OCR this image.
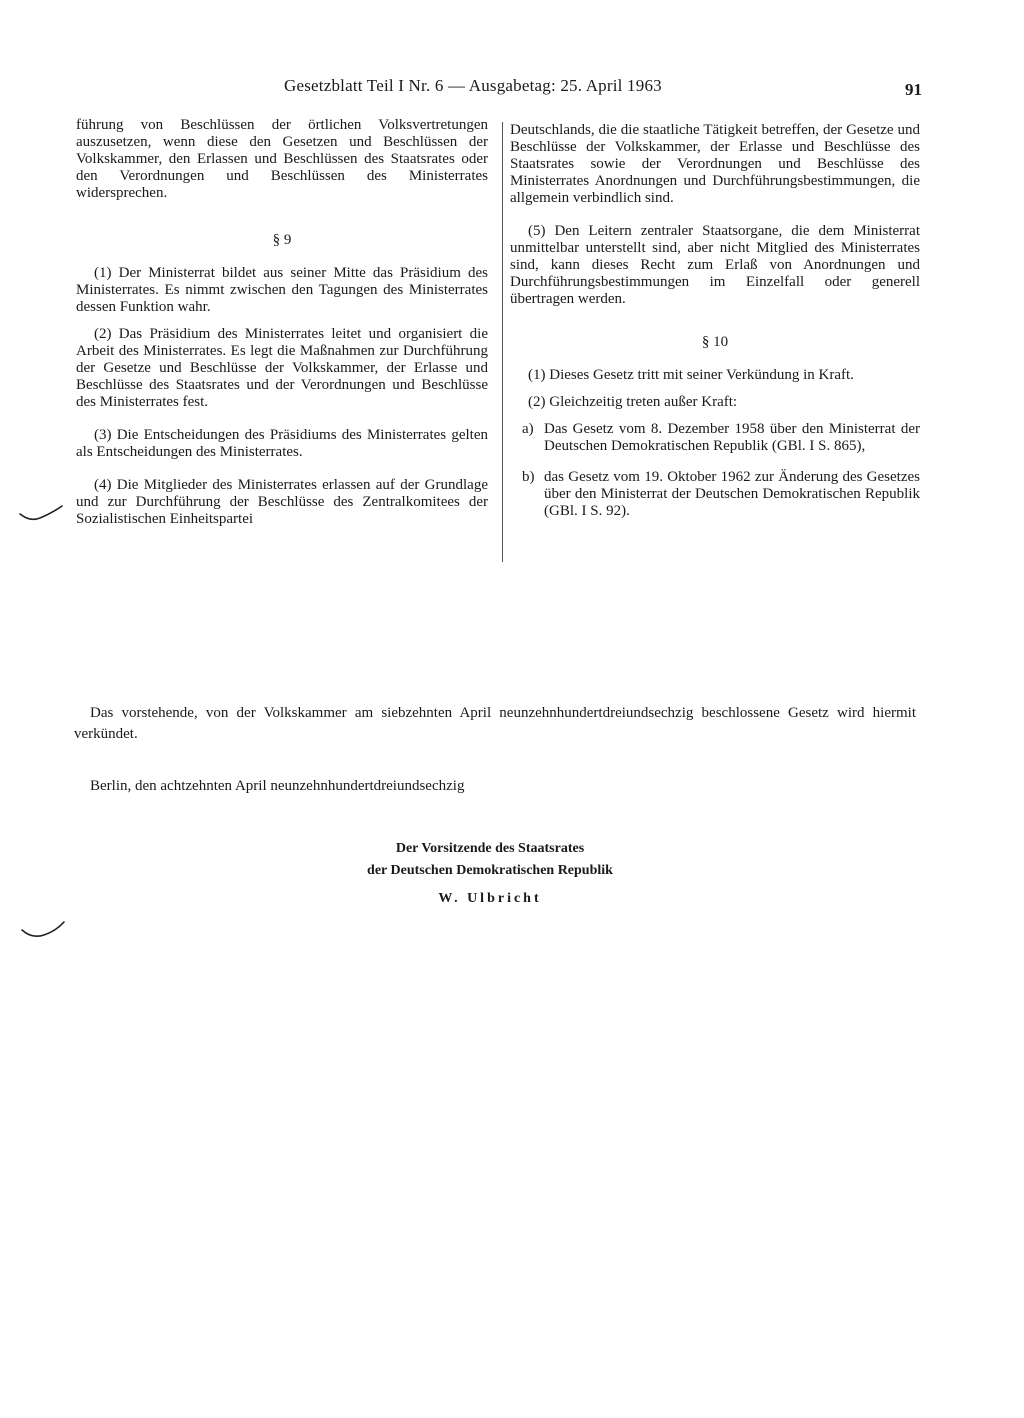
Gesetzblatt Teil I Nr. 6 — Ausgabetag: 25. April 1963	91

führung von Beschlüssen der örtlichen Volksvertretungen auszusetzen, wenn diese den Gesetzen und Beschlüssen der Volkskammer, den Erlassen und Beschlüssen des Staatsrates oder den Verordnungen und Beschlüssen des Ministerrates widersprechen.

§ 9

(1) Der Ministerrat bildet aus seiner Mitte das Präsidium des Ministerrates. Es nimmt zwischen den Tagungen des Ministerrates dessen Funktion wahr.

(2) Das Präsidium des Ministerrates leitet und organisiert die Arbeit des Ministerrates. Es legt die Maßnahmen zur Durchführung der Gesetze und Beschlüsse der Volkskammer, der Erlasse und Beschlüsse des Staatsrates und der Verordnungen und Beschlüsse des Ministerrates fest.

(3) Die Entscheidungen des Präsidiums des Ministerrates gelten als Entscheidungen des Ministerrates.

(4) Die Mitglieder des Ministerrates erlassen auf der Grundlage und zur Durchführung der Beschlüsse des Zentralkomitees der Sozialistischen Einheitspartei

Deutschlands, die die staatliche Tätigkeit betreffen, der Gesetze und Beschlüsse der Volkskammer, der Erlasse und Beschlüsse des Staatsrates sowie der Verordnungen und Beschlüsse des Ministerrates Anordnungen und Durchführungsbestimmungen, die allgemein verbindlich sind.

(5) Den Leitern zentraler Staatsorgane, die dem Ministerrat unmittelbar unterstellt sind, aber nicht Mitglied des Ministerrates sind, kann dieses Recht zum Erlaß von Anordnungen und Durchführungsbestimmungen im Einzelfall oder generell übertragen werden.

§ 10

(1) Dieses Gesetz tritt mit seiner Verkündung in Kraft.

(2) Gleichzeitig treten außer Kraft:

a) Das Gesetz vom 8. Dezember 1958 über den Ministerrat der Deutschen Demokratischen Republik (GBl. I S. 865),
b) das Gesetz vom 19. Oktober 1962 zur Änderung des Gesetzes über den Ministerrat der Deutschen Demokratischen Republik (GBl. I S. 92).
Das vorstehende, von der Volkskammer am siebzehnten April neunzehnhundertdreiundsechzig beschlossene Gesetz wird hiermit verkündet.
Berlin, den achtzehnten April neunzehnhundertdreiundsechzig
Der Vorsitzende des Staatsrates
der Deutschen Demokratischen Republik
W. Ulbricht
